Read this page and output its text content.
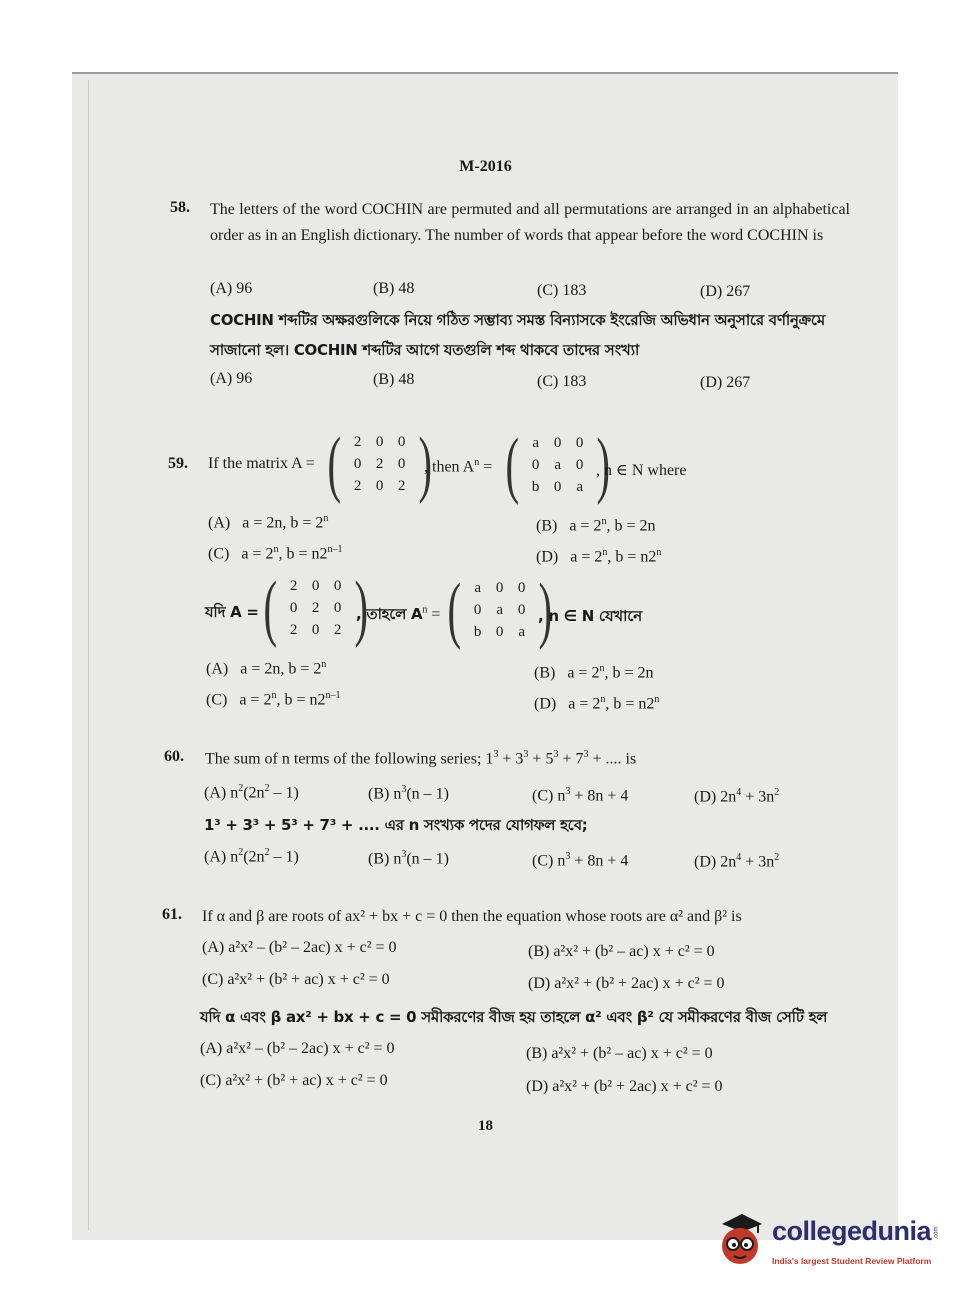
M-2016
58. The letters of the word COCHIN are permuted and all permutations are arranged in an alphabetical order as in an English dictionary. The number of words that appear before the word COCHIN is
(A) 96	(B) 48	(C) 183	(D) 267
COCHIN শব্দটির অক্ষরগুলিকে নিয়ে গঠিত সম্ভাব্য সমস্ত বিন্যাসকে ইংরেজি অভিধান অনুসারে বর্ণানুক্রমে
সাজানো হল। COCHIN শব্দটির আগে যতগুলি শব্দ থাকবে তাদের সংখ্যা
(A) 96	(B) 48	(C) 183	(D) 267
59. If the matrix A = ( 2	0	0
0	2	0
2	0	2 )
, then $A^n$ = ( a	0	0
0	a	0
b	0	a )
, n ∈ N where
(A) a = 2n, $b = 2^n$	(B) $a = 2^n$, b = 2n
(C) $a = 2^n$, $b = n2^{n-1}$	(D) $a = 2^n$, $b = n2^n$
যদি A = ( 2	0	0
0	2	0
2	0	2 )
, তাহলে $A^n$ = ( a	0	0
0	a	0
b	0	a )
, n ∈ N যেখানে
(A) a = 2n, $b = 2^n$	(B) $a = 2^n$, b = 2n
(C) $a = 2^n$, $b = n2^{n-1}$	(D) $a = 2^n$, $b = n2^n$
60. The sum of n terms of the following series; $1^3 + 3^3 + 5^3 + 7^3$ + .... is
(A) $n^2(2n^2 - 1)$	(B) $n^3(n - 1)$	(C) $n^3 + 8n + 4$	(D) $2n^4 + 3n^2$
1³ + 3³ + 5³ + 7³ + .... এর n সংখ্যক পদের যোগফল হবে;
(A) $n^2(2n^2 - 1)$	(B) $n^3(n - 1)$	(C) $n^3 + 8n + 4$	(D) $2n^4 + 3n^2$
61. If α and β are roots of ax² + bx + c = 0 then the equation whose roots are α² and β² is
(A) a²x² – (b² – 2ac) x + c² = 0	(B) a²x² + (b² – ac) x + c² = 0
(C) a²x² + (b² + ac) x + c² = 0	(D) a²x² + (b² + 2ac) x + c² = 0
যদি α এবং β ax² + bx + c = 0 সমীকরণের বীজ হয় তাহলে α² এবং β² যে সমীকরণের বীজ সেটি হল
(A) a²x² – (b² – 2ac) x + c² = 0	(B) a²x² + (b² – ac) x + c² = 0
(C) a²x² + (b² + ac) x + c² = 0	(D) a²x² + (b² + 2ac) x + c² = 0
18
collegedunia .com
India's largest Student Review Platform
